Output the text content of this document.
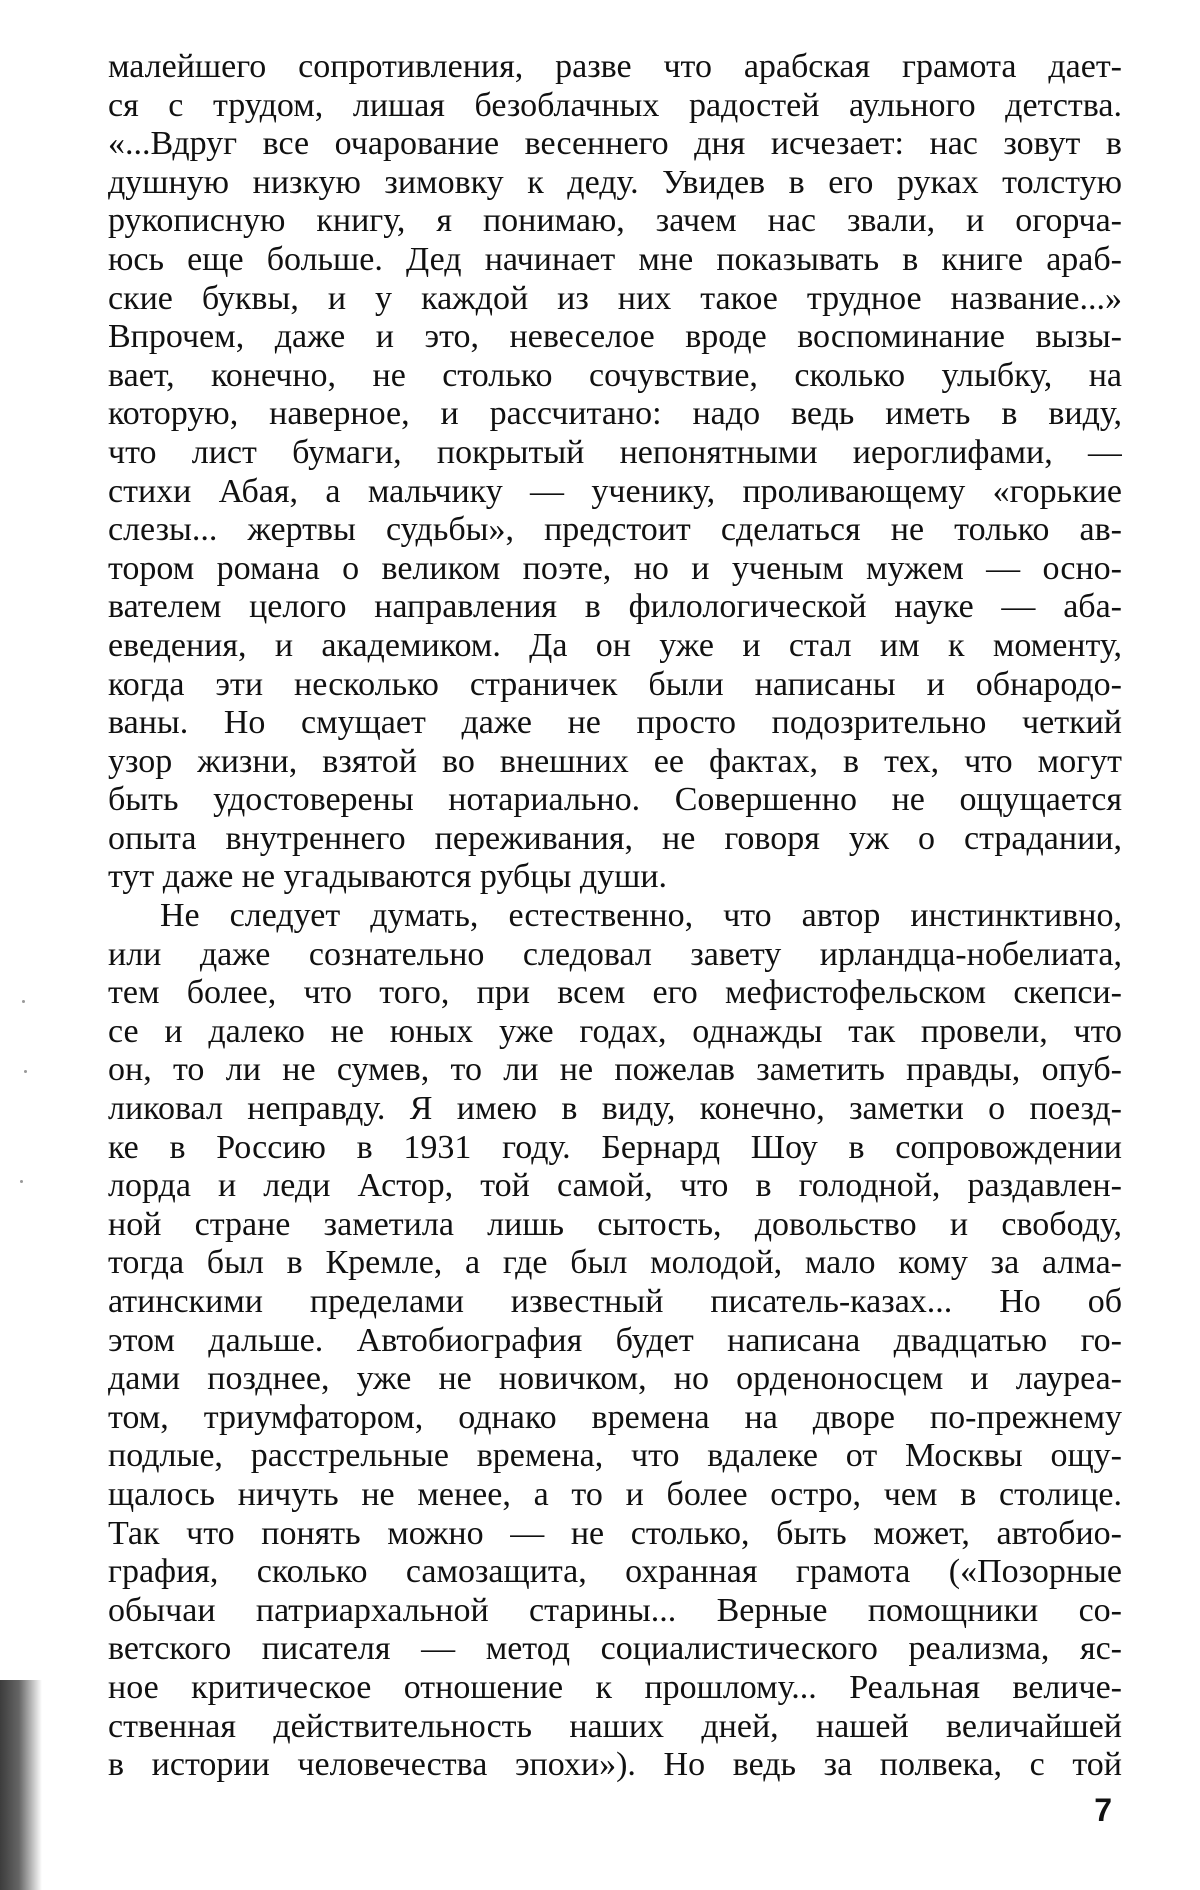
малейшего сопротивления, разве что арабская грамота дает-
ся с трудом, лишая безоблачных радостей аульного детства.
«...Вдруг все очарование весеннего дня исчезает: нас зовут в
душную низкую зимовку к деду. Увидев в его руках толстую
рукописную книгу, я понимаю, зачем нас звали, и огорча-
юсь еще больше. Дед начинает мне показывать в книге араб-
ские буквы, и у каждой из них такое трудное название...»
Впрочем, даже и это, невеселое вроде воспоминание вызы-
вает, конечно, не столько сочувствие, сколько улыбку, на
которую, наверное, и рассчитано: надо ведь иметь в виду,
что лист бумаги, покрытый непонятными иероглифами, —
стихи Абая, а мальчику — ученику, проливающему «горькие
слезы... жертвы судьбы», предстоит сделаться не только ав-
тором романа о великом поэте, но и ученым мужем — осно-
вателем целого направления в филологической науке — аба-
еведения, и академиком. Да он уже и стал им к моменту,
когда эти несколько страничек были написаны и обнародо-
ваны. Но смущает даже не просто подозрительно четкий
узор жизни, взятой во внешних ее фактах, в тех, что могут
быть удостоверены нотариально. Совершенно не ощущается
опыта внутреннего переживания, не говоря уж о страдании,
тут даже не угадываются рубцы души.
Не следует думать, естественно, что автор инстинктивно,
или даже сознательно следовал завету ирландца-нобелиата,
тем более, что того, при всем его мефистофельском скепси-
се и далеко не юных уже годах, однажды так провели, что
он, то ли не сумев, то ли не пожелав заметить правды, опуб-
ликовал неправду. Я имею в виду, конечно, заметки о поезд-
ке в Россию в 1931 году. Бернард Шоу в сопровождении
лорда и леди Астор, той самой, что в голодной, раздавлен-
ной стране заметила лишь сытость, довольство и свободу,
тогда был в Кремле, а где был молодой, мало кому за алма-
атинскими пределами известный писатель-казах... Но об
этом дальше. Автобиография будет написана двадцатью го-
дами позднее, уже не новичком, но орденоносцем и лауреа-
том, триумфатором, однако времена на дворе по-прежнему
подлые, расстрельные времена, что вдалеке от Москвы ощу-
щалось ничуть не менее, а то и более остро, чем в столице.
Так что понять можно — не столько, быть может, автобио-
графия, сколько самозащита, охранная грамота («Позорные
обычаи патриархальной старины... Верные помощники со-
ветского писателя — метод социалистического реализма, яс-
ное критическое отношение к прошлому... Реальная величе-
ственная действительность наших дней, нашей величайшей
в истории человечества эпохи»). Но ведь за полвека, с той
7
